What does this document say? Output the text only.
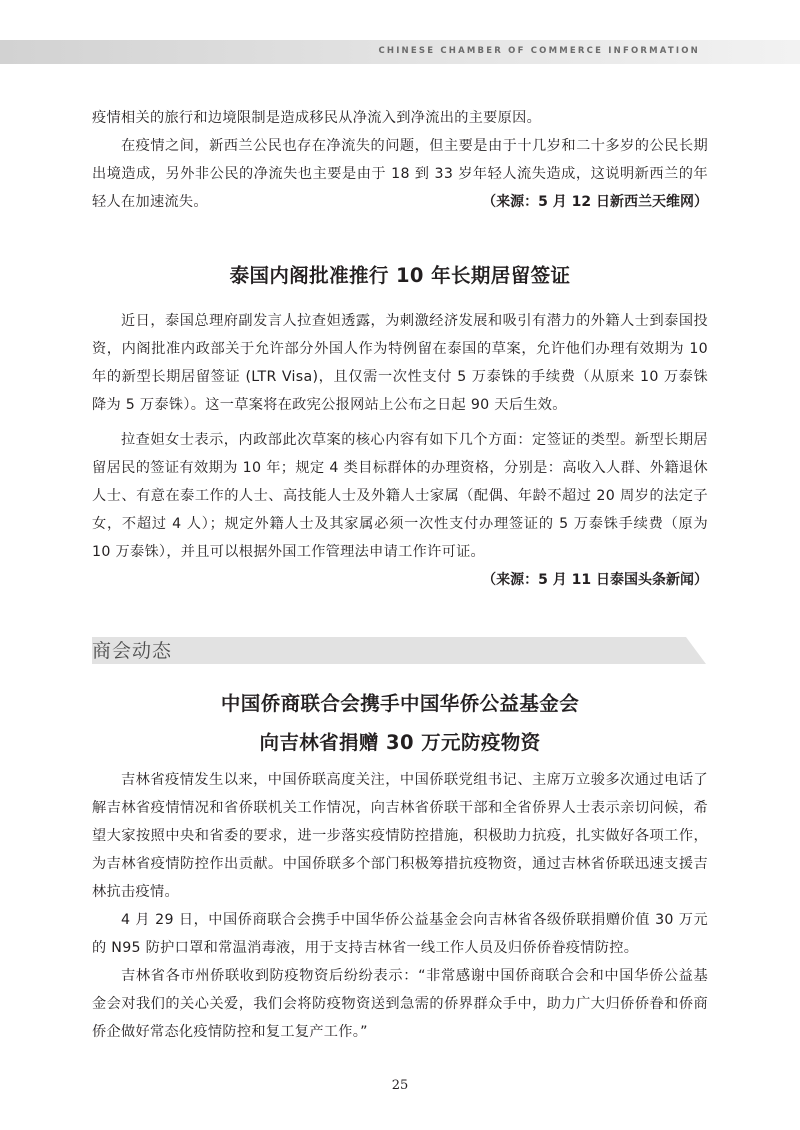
CHINESE CHAMBER OF COMMERCE INFORMATION

疫情相关的旅行和边境限制是造成移民从净流入到净流出的主要原因。

在疫情之间，新西兰公民也存在净流失的问题，但主要是由于十几岁和二十多岁的公民长期出境造成，另外非公民的净流失也主要是由于 18 到 33 岁年轻人流失造成，这说明新西兰的年轻人在加速流失。	（来源：5 月 12 日新西兰天维网）

泰国内阁批准推行 10 年长期居留签证

近日，泰国总理府副发言人拉查妲透露，为刺激经济发展和吸引有潜力的外籍人士到泰国投资，内阁批准内政部关于允许部分外国人作为特例留在泰国的草案，允许他们办理有效期为 10 年的新型长期居留签证 (LTR Visa)，且仅需一次性支付 5 万泰铢的手续费（从原来 10 万泰铢降为 5 万泰铢）。这一草案将在政宪公报网站上公布之日起 90 天后生效。

拉查妲女士表示，内政部此次草案的核心内容有如下几个方面：定签证的类型。新型长期居留居民的签证有效期为 10 年；规定 4 类目标群体的办理资格，分别是：高收入人群、外籍退休人士、有意在泰工作的人士、高技能人士及外籍人士家属（配偶、年龄不超过 20 周岁的法定子女，不超过 4 人）；规定外籍人士及其家属必须一次性支付办理签证的 5 万泰铢手续费（原为 10 万泰铢），并且可以根据外国工作管理法申请工作许可证。

（来源：5 月 11 日泰国头条新闻）

商会动态
中国侨商联合会携手中国华侨公益基金会
向吉林省捐赠 30 万元防疫物资

吉林省疫情发生以来，中国侨联高度关注，中国侨联党组书记、主席万立骏多次通过电话了解吉林省疫情情况和省侨联机关工作情况，向吉林省侨联干部和全省侨界人士表示亲切问候，希望大家按照中央和省委的要求，进一步落实疫情防控措施，积极助力抗疫，扎实做好各项工作，为吉林省疫情防控作出贡献。中国侨联多个部门积极筹措抗疫物资，通过吉林省侨联迅速支援吉林抗击疫情。

4 月 29 日，中国侨商联合会携手中国华侨公益基金会向吉林省各级侨联捐赠价值 30 万元的 N95 防护口罩和常温消毒液，用于支持吉林省一线工作人员及归侨侨眷疫情防控。

吉林省各市州侨联收到防疫物资后纷纷表示：“非常感谢中国侨商联合会和中国华侨公益基金会对我们的关心关爱，我们会将防疫物资送到急需的侨界群众手中，助力广大归侨侨眷和侨商侨企做好常态化疫情防控和复工复产工作。”

25
